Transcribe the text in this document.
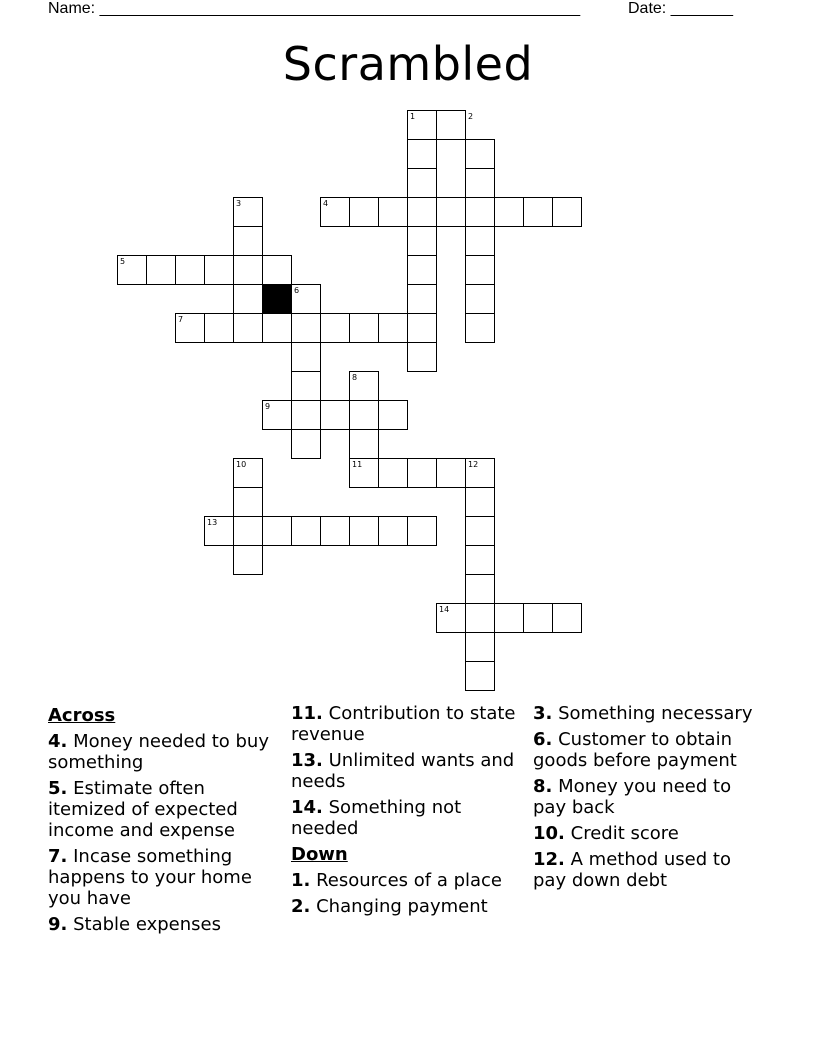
Name: ______________________________________________________	Date: _______
Scrambled
1	2
3	4
5
6
7
8
9
10	11	12
13
14
Across
4. Money needed to buy something
5. Estimate often itemized of expected income and expense
7. Incase something happens to your home you have
9. Stable expenses
11. Contribution to state revenue
13. Unlimited wants and needs
14. Something not needed
Down
1. Resources of a place
2. Changing payment
3. Something necessary
6. Customer to obtain goods before payment
8. Money you need to pay back
10. Credit score
12. A method used to pay down debt
